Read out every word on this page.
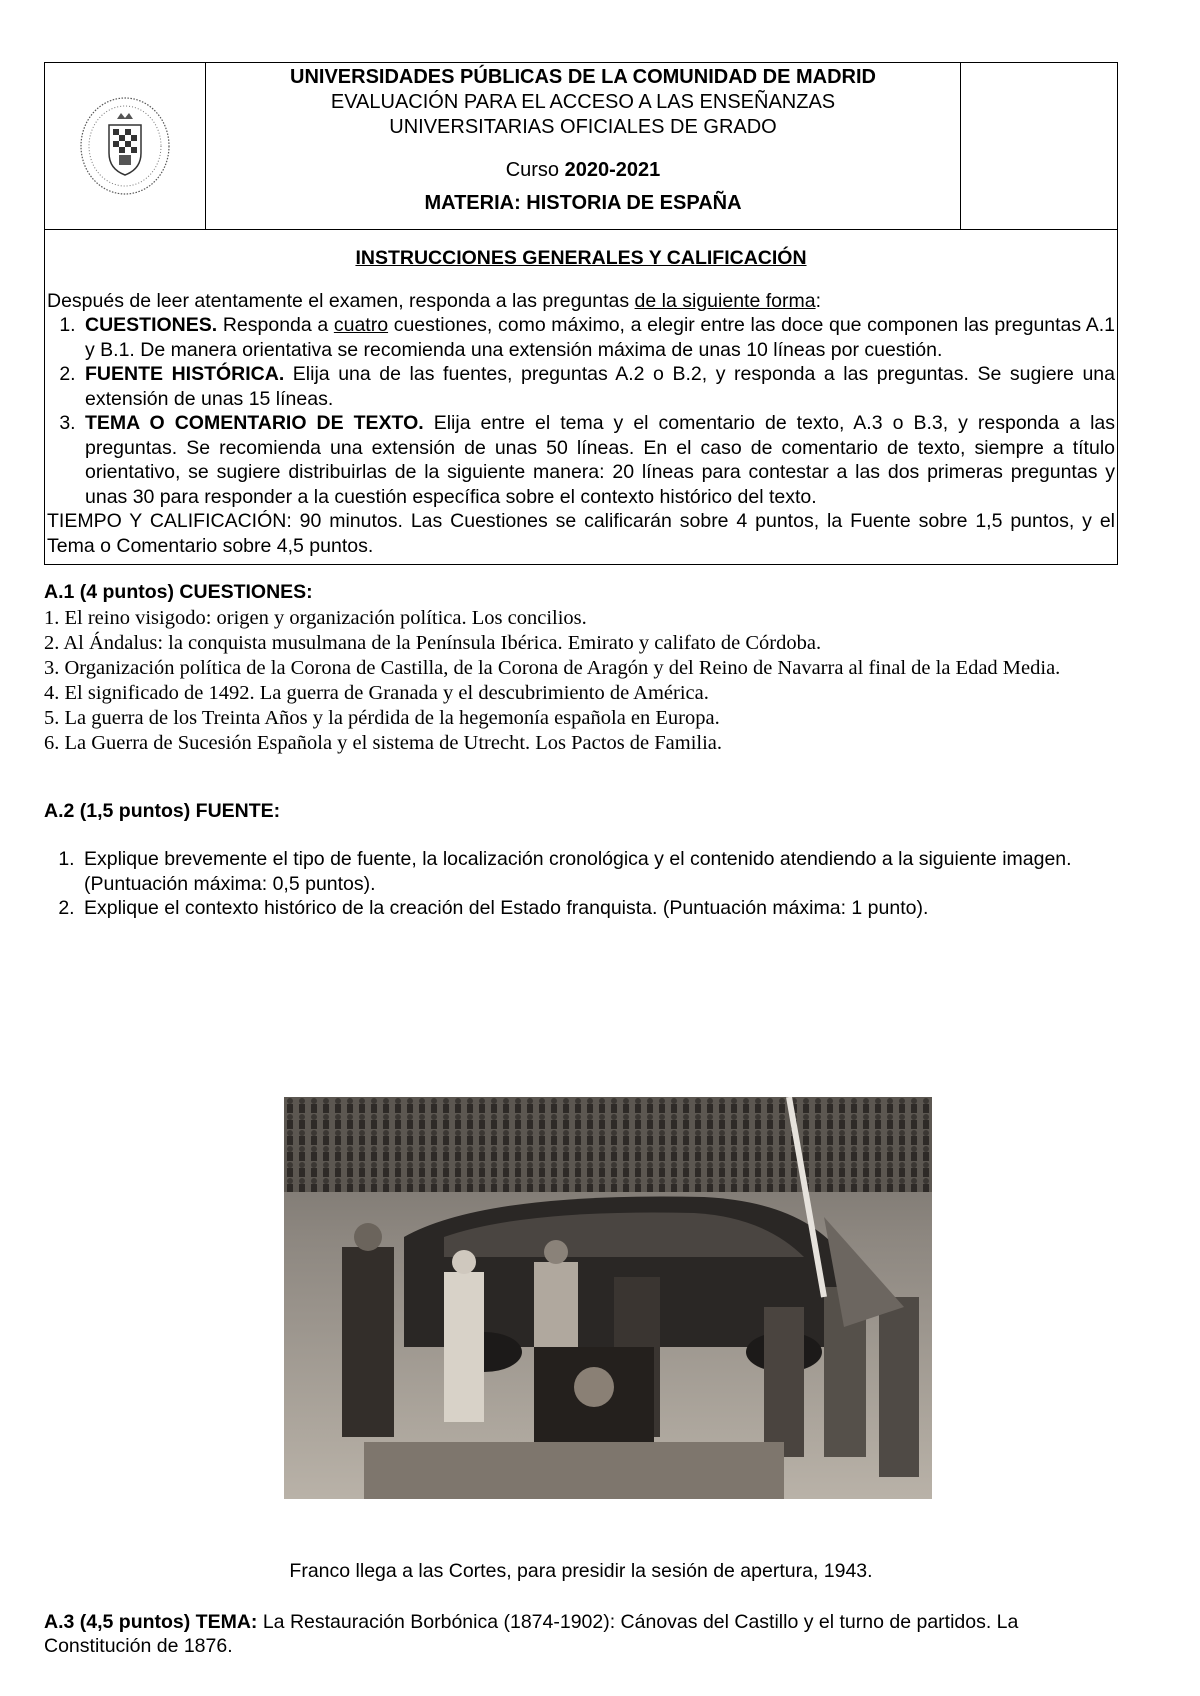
UNIVERSIDADES PÚBLICAS DE LA COMUNIDAD DE MADRID
EVALUACIÓN PARA EL ACCESO A LAS ENSEÑANZAS
UNIVERSITARIAS OFICIALES DE GRADO
Curso 2020-2021
MATERIA: HISTORIA DE ESPAÑA
INSTRUCCIONES GENERALES Y CALIFICACIÓN

Después de leer atentamente el examen, responda a las preguntas de la siguiente forma:

1. CUESTIONES. Responda a cuatro cuestiones, como máximo, a elegir entre las doce que componen las preguntas A.1 y B.1. De manera orientativa se recomienda una extensión máxima de unas 10 líneas por cuestión.
2. FUENTE HISTÓRICA. Elija una de las fuentes, preguntas A.2 o B.2, y responda a las preguntas. Se sugiere una extensión de unas 15 líneas.
3. TEMA O COMENTARIO DE TEXTO. Elija entre el tema y el comentario de texto, A.3 o B.3, y responda a las preguntas. Se recomienda una extensión de unas 50 líneas. En el caso de comentario de texto, siempre a título orientativo, se sugiere distribuirlas de la siguiente manera: 20 líneas para contestar a las dos primeras preguntas y unas 30 para responder a la cuestión específica sobre el contexto histórico del texto.

TIEMPO Y CALIFICACIÓN: 90 minutos. Las Cuestiones se calificarán sobre 4 puntos, la Fuente sobre 1,5 puntos, y el Tema o Comentario sobre 4,5 puntos.

A.1 (4 puntos) CUESTIONES:
1. El reino visigodo: origen y organización política. Los concilios.
2. Al Ándalus: la conquista musulmana de la Península Ibérica. Emirato y califato de Córdoba.
3. Organización política de la Corona de Castilla, de la Corona de Aragón y del Reino de Navarra al final de la Edad Media.
4. El significado de 1492. La guerra de Granada y el descubrimiento de América.
5. La guerra de los Treinta Años y la pérdida de la hegemonía española en Europa.
6. La Guerra de Sucesión Española y el sistema de Utrecht. Los Pactos de Familia.
A.2 (1,5 puntos) FUENTE:
1. Explique brevemente el tipo de fuente, la localización cronológica y el contenido atendiendo a la siguiente imagen. (Puntuación máxima: 0,5 puntos).
2. Explique el contexto histórico de la creación del Estado franquista. (Puntuación máxima: 1 punto).
Franco llega a las Cortes, para presidir la sesión de apertura, 1943.
A.3 (4,5 puntos) TEMA: La Restauración Borbónica (1874-1902): Cánovas del Castillo y el turno de partidos. La Constitución de 1876.
